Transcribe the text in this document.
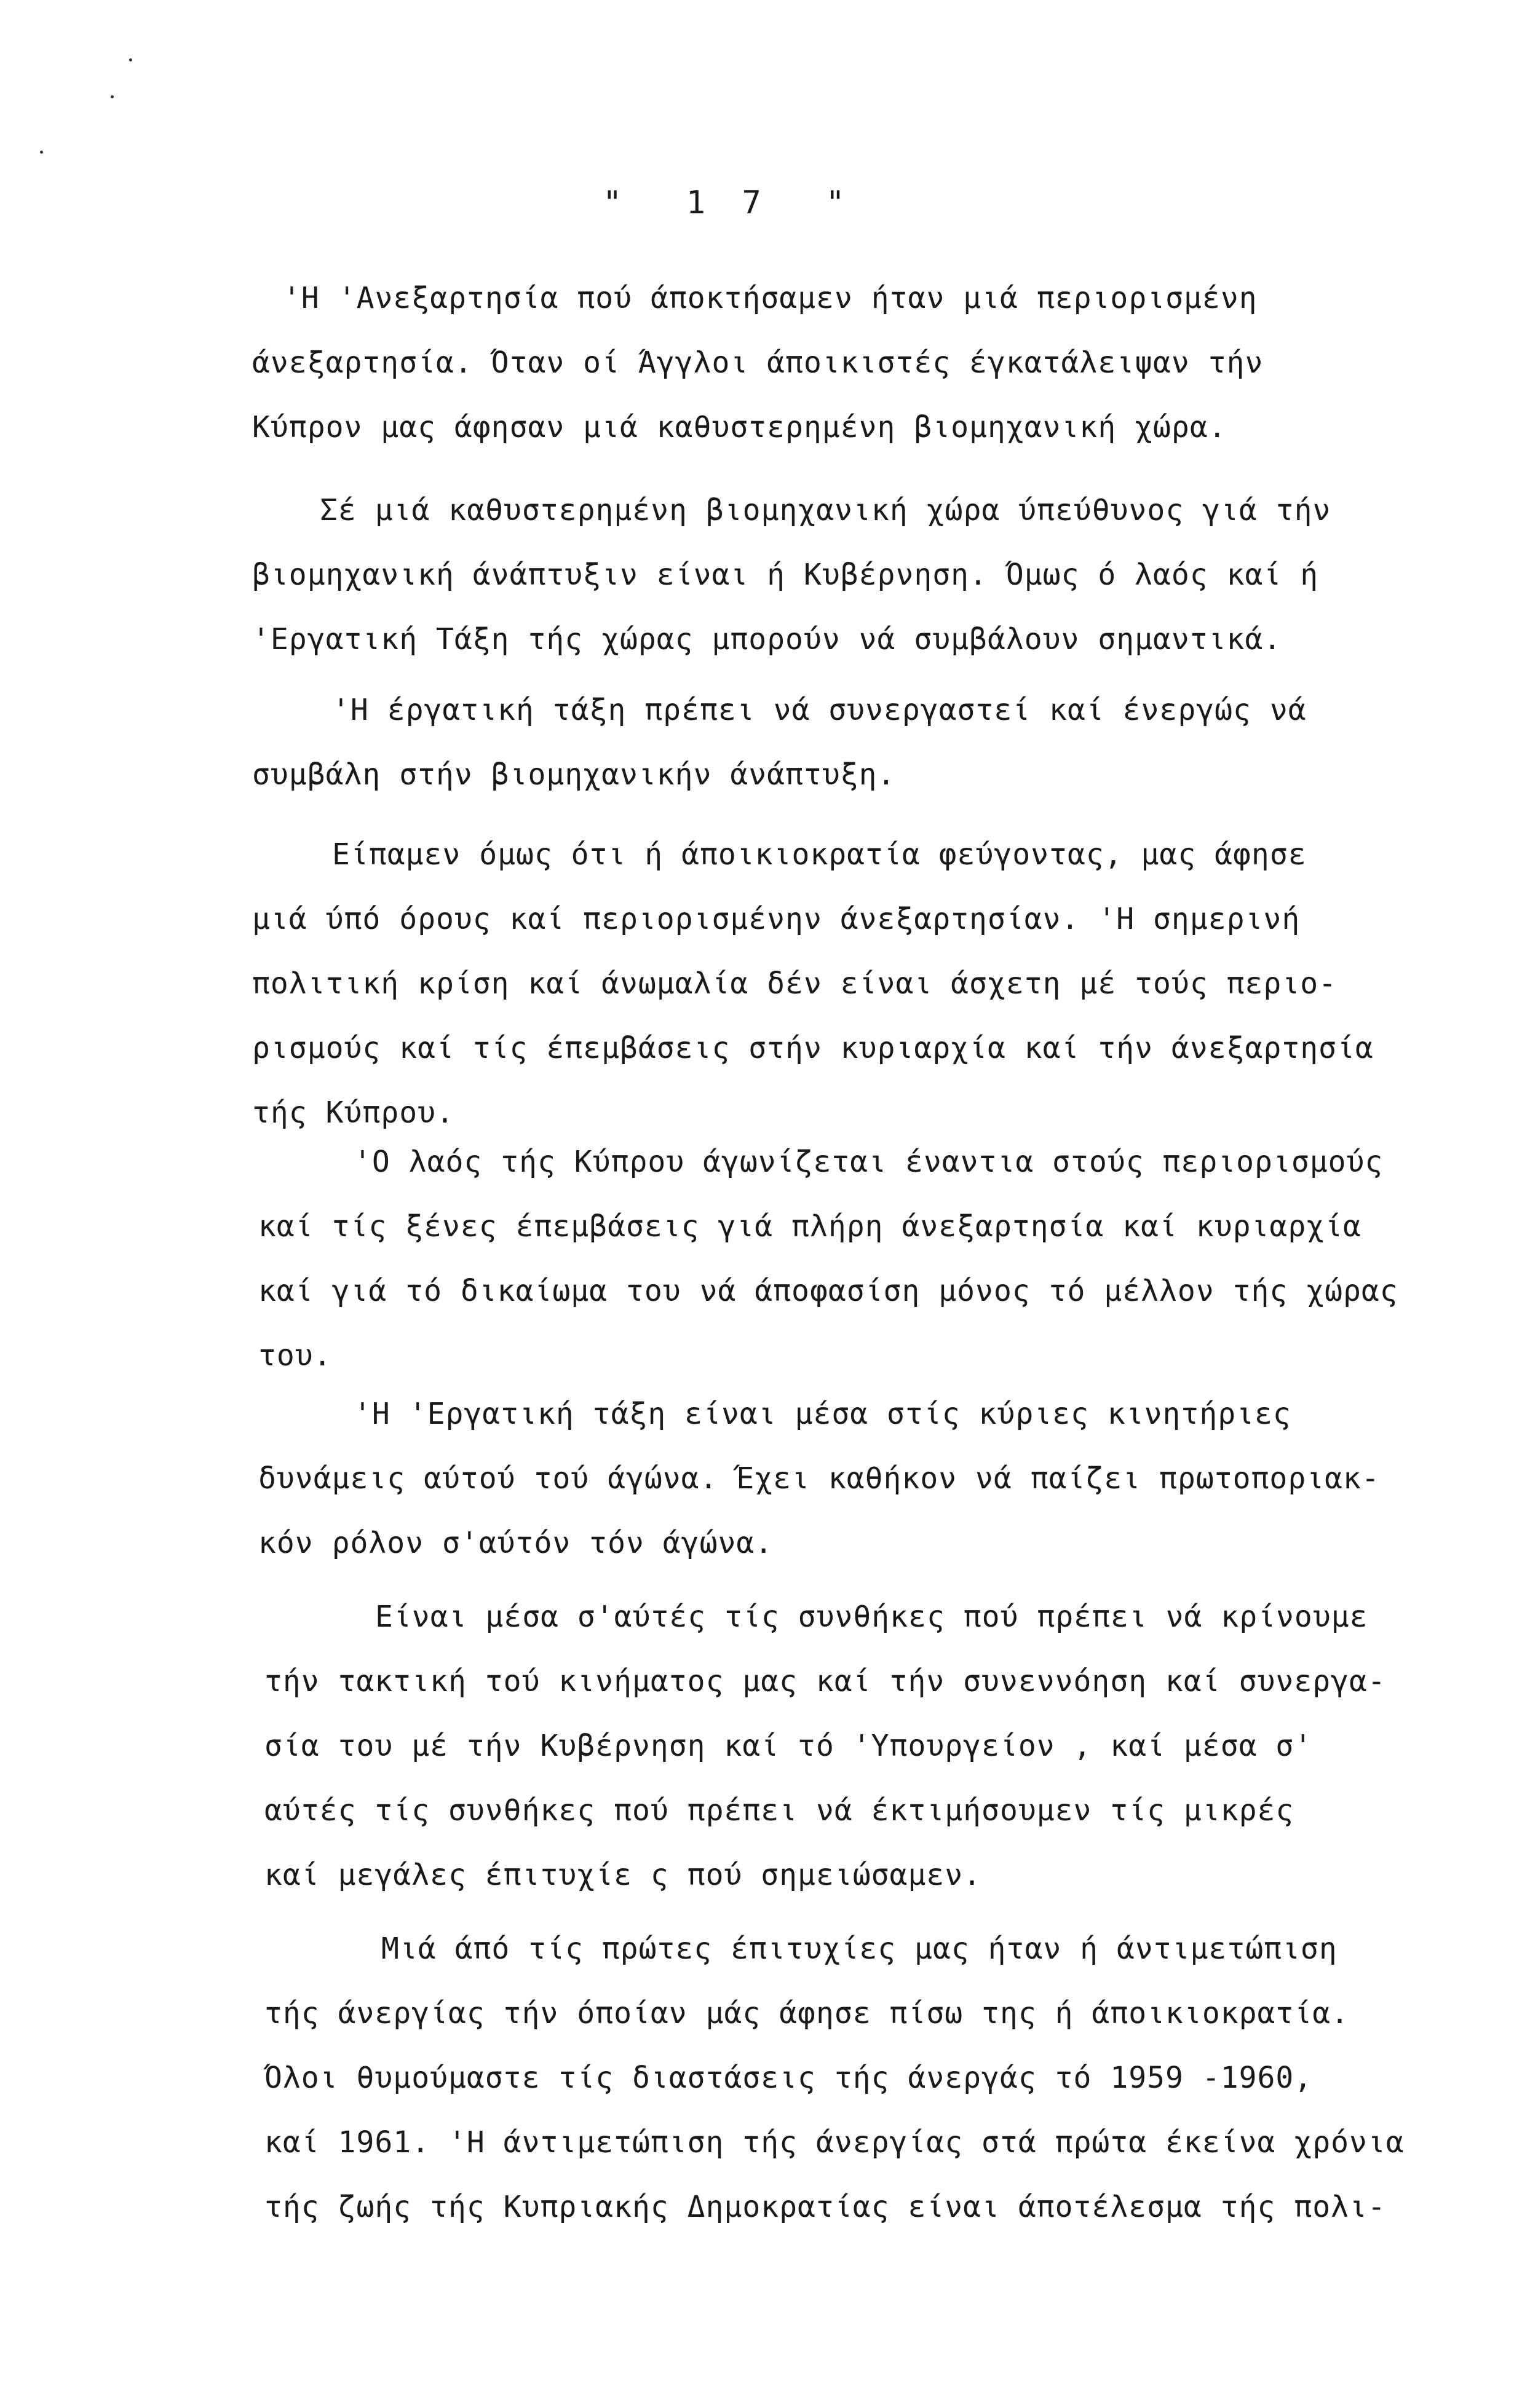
"  1 7  "
'Η 'Ανεξαρτησία πού άποκτήσαμεν ήταν μιά περιορισμένη
άνεξαρτησία. Όταν οί Άγγλοι άποικιστές έγκατάλειψαν τήν
Κύπρον μας άφησαν μιά καθυστερημένη βιομηχανική χώρα.
Σέ μιά καθυστερημένη βιομηχανική χώρα ύπεύθυνος γιά τήν
βιομηχανική άνάπτυξιν είναι ή Κυβέρνηση. Όμως ό λαός καί ή
'Εργατική Τάξη τής χώρας μπορούν νά συμβάλουν σημαντικά.
'Η έργατική τάξη πρέπει νά συνεργαστεί καί ένεργώς νά
συμβάλη στήν βιομηχανικήν άνάπτυξη.
Είπαμεν όμως ότι ή άποικιοκρατία φεύγοντας, μας άφησε
μιά ύπό όρους καί περιορισμένην άνεξαρτησίαν. 'Η σημερινή
πολιτική κρίση καί άνωμαλία δέν είναι άσχετη μέ τούς περιο-
ρισμούς καί τίς έπεμβάσεις στήν κυριαρχία καί τήν άνεξαρτησία
τής Κύπρου.
'Ο λαός τής Κύπρου άγωνίζεται έναντια στούς περιορισμούς
καί τίς ξένες έπεμβάσεις γιά πλήρη άνεξαρτησία καί κυριαρχία
καί γιά τό δικαίωμα του νά άποφασίση μόνος τό μέλλον τής χώρας
του.
'Η 'Εργατική τάξη είναι μέσα στίς κύριες κινητήριες
δυνάμεις αύτού τού άγώνα. Έχει καθήκον νά παίζει πρωτοποριακ-
κόν ρόλον σ'αύτόν τόν άγώνα.
Είναι μέσα σ'αύτές τίς συνθήκες πού πρέπει νά κρίνουμε
τήν τακτική τού κινήματος μας καί τήν συνεννόηση καί συνεργα-
σία του μέ τήν Κυβέρνηση καί τό 'Υπουργείον , καί μέσα σ'
αύτές τίς συνθήκες πού πρέπει νά έκτιμήσουμεν τίς μικρές
καί μεγάλες έπιτυχίε ς πού σημειώσαμεν.
Μιά άπό τίς πρώτες έπιτυχίες μας ήταν ή άντιμετώπιση
τής άνεργίας τήν όποίαν μάς άφησε πίσω της ή άποικιοκρατία.
Όλοι θυμούμαστε τίς διαστάσεις τής άνεργάς τό 1959 -1960,
καί 1961. 'Η άντιμετώπιση τής άνεργίας στά πρώτα έκείνα χρόνια
τής ζωής τής Κυπριακής Δημοκρατίας είναι άποτέλεσμα τής πολι-
